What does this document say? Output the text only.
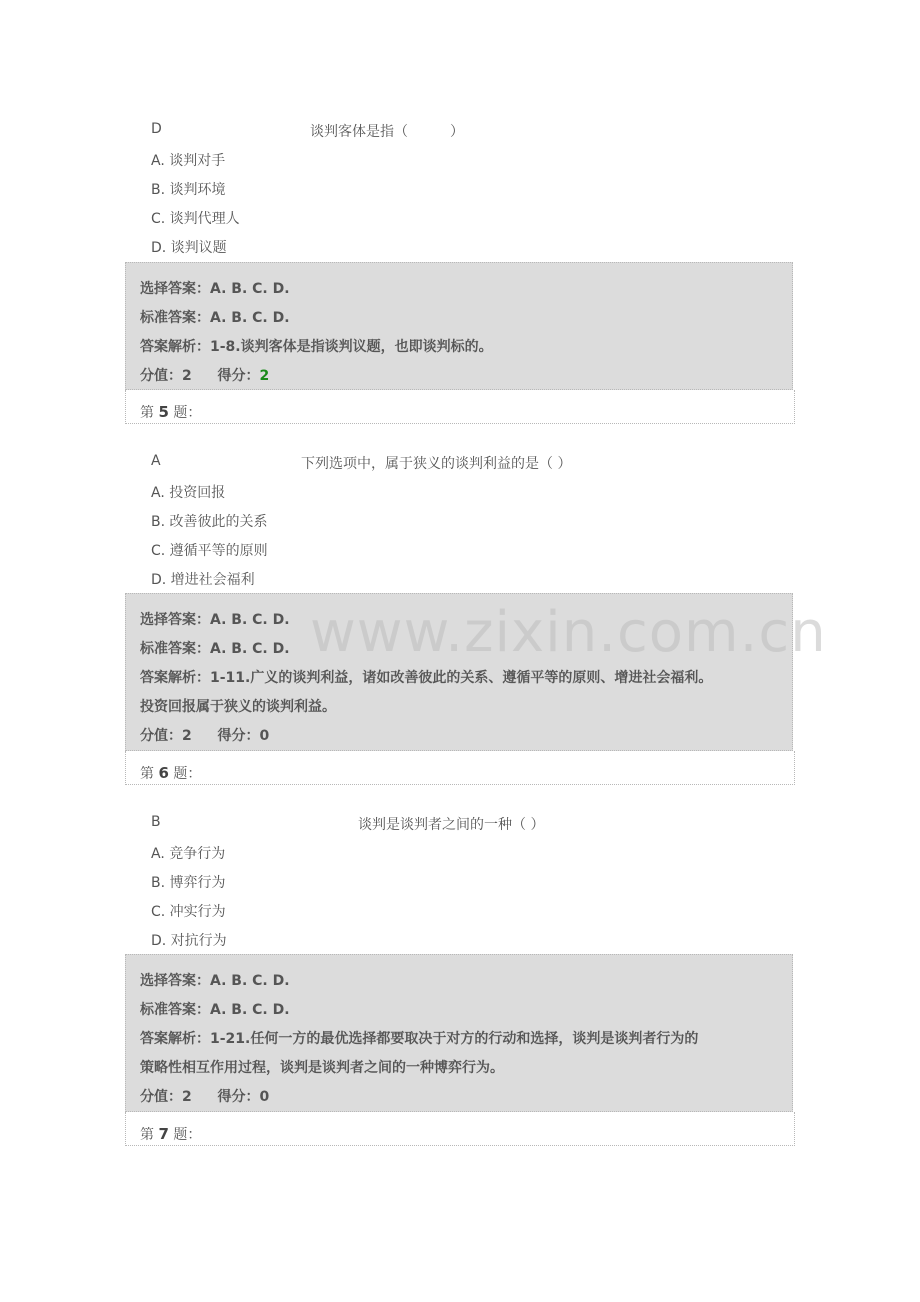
D	谈判客体是指（　　　）
A. 谈判对手
B. 谈判环境
C. 谈判代理人
D. 谈判议题
选择答案：A. B. C. D.
标准答案：A. B. C. D.
答案解析：1-8.谈判客体是指谈判议题，也即谈判标的。
分值：2 得分：2
第 5 题：
A	下列选项中，属于狭义的谈判利益的是（ ）
A. 投资回报
B. 改善彼此的关系
C. 遵循平等的原则
D. 增进社会福利
选择答案：A. B. C. D.
标准答案：A. B. C. D.
答案解析：1-11.广义的谈判利益，诸如改善彼此的关系、遵循平等的原则、增进社会福利。
投资回报属于狭义的谈判利益。
分值：2 得分：0
第 6 题：
B	谈判是谈判者之间的一种（ ）
A. 竞争行为
B. 博弈行为
C. 冲实行为
D. 对抗行为
选择答案：A. B. C. D.
标准答案：A. B. C. D.
答案解析：1-21.任何一方的最优选择都要取决于对方的行动和选择，谈判是谈判者行为的
策略性相互作用过程，谈判是谈判者之间的一种博弈行为。
分值：2 得分：0
第 7 题：
www.zixin.com.cn
